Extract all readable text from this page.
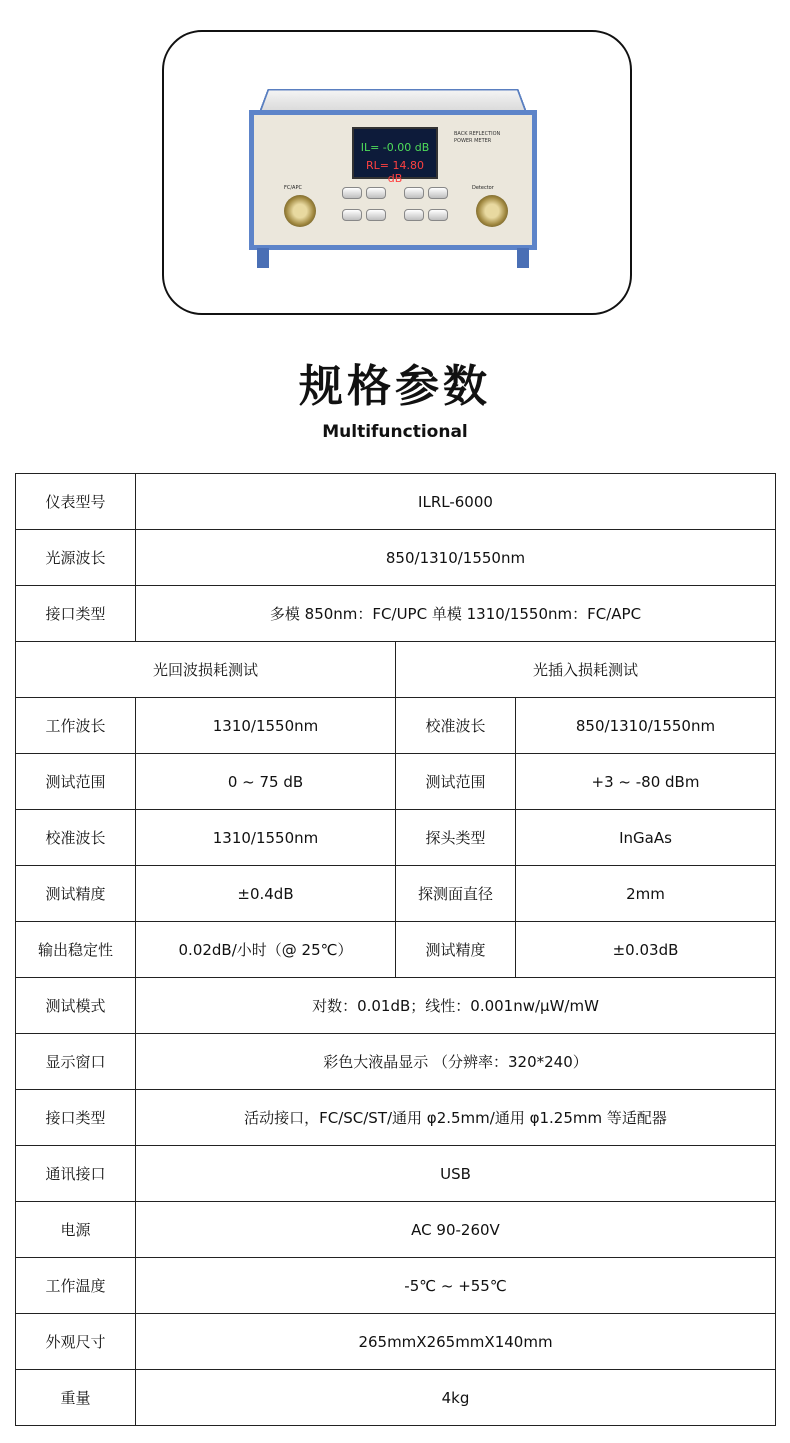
IL= -0.00 dB
RL= 14.80 dB
BACK REFLECTION
POWER METER
FC/APC	Detector
规格参数
Multifunctional
仪表型号	ILRL-6000		
光源波长	850/1310/1550nm		
接口类型	多模 850nm：FC/UPC 单模 1310/1550nm：FC/APC		
光回波损耗测试		光插入损耗测试	
工作波长	1310/1550nm	校准波长	850/1310/1550nm
测试范围	0 ~ 75 dB	测试范围	+3 ~ -80 dBm
校准波长	1310/1550nm	探头类型	InGaAs
测试精度	±0.4dB	探测面直径	2mm
输出稳定性	0.02dB/小时（@ 25℃）	测试精度	±0.03dB
测试模式	对数：0.01dB；线性：0.001nw/μW/mW		
显示窗口	彩色大液晶显示 （分辨率：320*240）		
接口类型	活动接口，FC/SC/ST/通用 φ2.5mm/通用 φ1.25mm 等适配器		
通讯接口	USB		
电源	AC 90-260V		
工作温度	-5℃ ~ +55℃		
外观尺寸	265mmX265mmX140mm		
重量	4kg		
